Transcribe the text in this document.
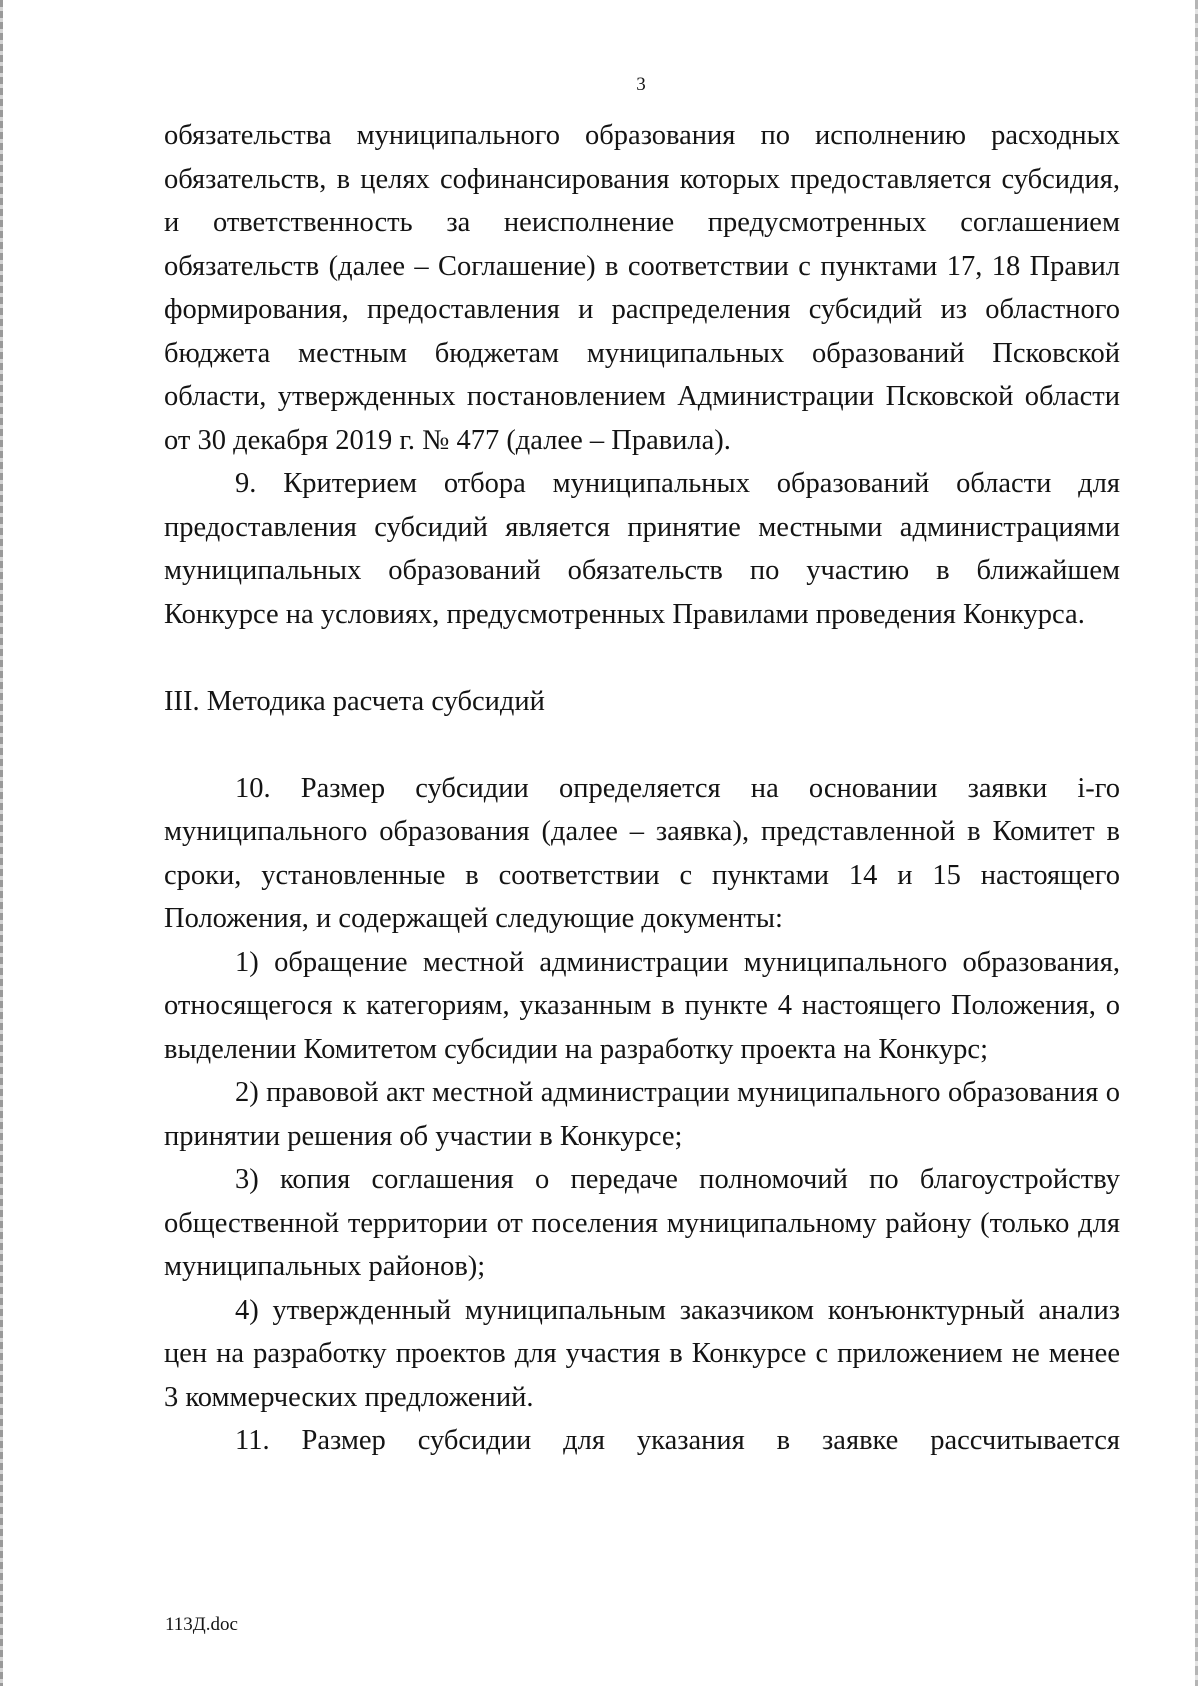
3

обязательства муниципального образования по исполнению расходных обязательств, в целях софинансирования которых предоставляется субсидия, и ответственность за неисполнение предусмотренных соглашением обязательств (далее – Соглашение) в соответствии с пунктами 17, 18 Правил формирования, предоставления и распределения субсидий из областного бюджета местным бюджетам муниципальных образований Псковской области, утвержденных постановлением Администрации Псковской области от 30 декабря 2019 г. № 477 (далее – Правила).

9. Критерием отбора муниципальных образований области для предоставления субсидий является принятие местными администрациями муниципальных образований обязательств по участию в ближайшем Конкурсе на условиях, предусмотренных Правилами проведения Конкурса.

III. Методика расчета субсидий

10. Размер субсидии определяется на основании заявки i-го муниципального образования (далее – заявка), представленной в Комитет в сроки, установленные в соответствии с пунктами 14 и 15 настоящего Положения, и содержащей следующие документы:

1) обращение местной администрации муниципального образования, относящегося к категориям, указанным в пункте 4 настоящего Положения, о выделении Комитетом субсидии на разработку проекта на Конкурс;

2) правовой акт местной администрации муниципального образования о принятии решения об участии в Конкурсе;

3) копия соглашения о передаче полномочий по благоустройству общественной территории от поселения муниципальному району (только для муниципальных районов);

4) утвержденный муниципальным заказчиком конъюнктурный анализ цен на разработку проектов для участия в Конкурсе с приложением не менее 3 коммерческих предложений.

11. Размер субсидии для указания в заявке рассчитывается

113Д.doc
